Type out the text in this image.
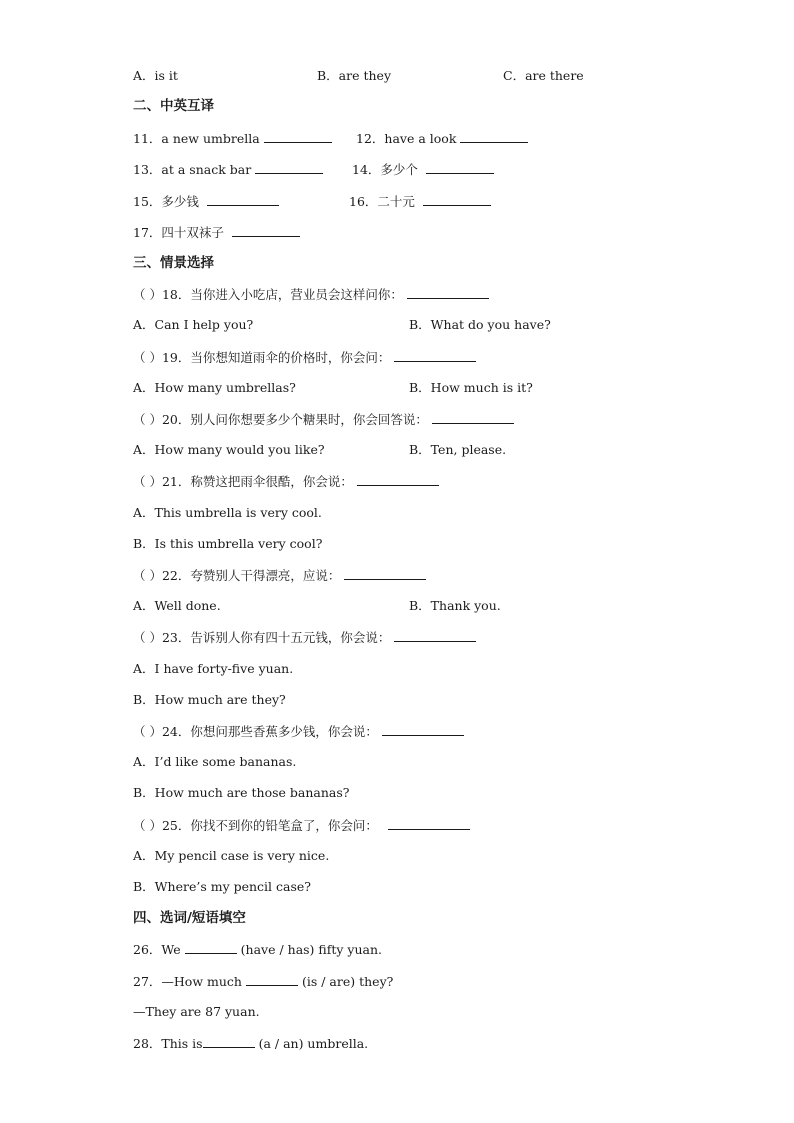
A．is it	B．are they	C．are there
二、中英互译
11．a new umbrella	12．have a look
13．at a snack bar	14．多少个
15．多少钱	16．二十元
17．四十双袜子
三、情景选择
（ ）18．当你进入小吃店，营业员会这样问你：
A．Can I help you?	B．What do you have?
（ ）19．当你想知道雨伞的价格时，你会问：
A．How many umbrellas?	B．How much is it?
（ ）20．别人问你想要多少个糖果时，你会回答说：
A．How many would you like?	B．Ten, please.
（ ）21．称赞这把雨伞很酷，你会说：
A．This umbrella is very cool.
B．Is this umbrella very cool?
（ ）22．夸赞别人干得漂亮，应说：
A．Well done.	B．Thank you.
（ ）23．告诉别人你有四十五元钱，你会说：
A．I have forty-five yuan.
B．How much are they?
（ ）24．你想问那些香蕉多少钱，你会说：
A．I’d like some bananas.
B．How much are those bananas?
（ ）25．你找不到你的铅笔盒了，你会问：
A．My pencil case is very nice.
B．Where’s my pencil case?
四、选词/短语填空
26．We	(have / has) fifty yuan.
27．—How much	(is / are) they?
—They are 87 yuan.
28．This is	(a / an) umbrella.
